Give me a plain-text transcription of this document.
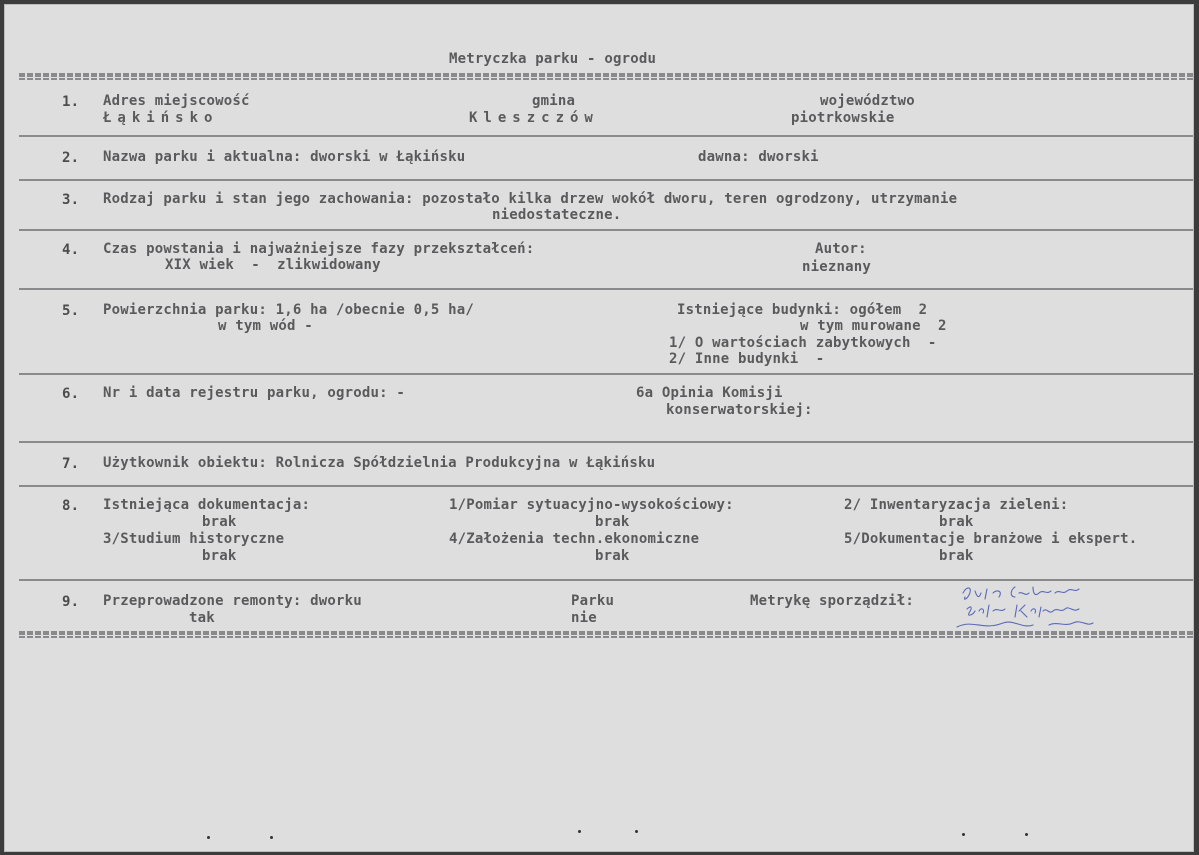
Metryczka parku - ogrodu
1. Adres miejscowość
Łąkińsko
gmina
Kleszczów
województwo
piotrkowskie
2. Nazwa parku i aktualna: dworski w Łąkińsku	dawna: dworski
3. Rodzaj parku i stan jego zachowania: pozostało kilka drzew wokół dworu, teren ogrodzony, utrzymanie
niedostateczne.
4. Czas powstania i najważniejsze fazy przekształceń:
XIX wiek  -  zlikwidowany
Autor:
nieznany
5. Powierzchnia parku: 1,6 ha /obecnie 0,5 ha/
w tym wód -
Istniejące budynki: ogółem  2
w tym murowane  2
1/ O wartościach zabytkowych  -
2/ Inne budynki  -
6. Nr i data rejestru parku, ogrodu: -	6a Opinia Komisji
konserwatorskiej:
7. Użytkownik obiektu: Rolnicza Spółdzielnia Produkcyjna w Łąkińsku
8. Istniejąca dokumentacja:
brak
1/Pomiar sytuacyjno-wysokościowy:
brak
2/ Inwentaryzacja zieleni:
brak
3/Studium historyczne
brak
4/Założenia techn.ekonomiczne
brak
5/Dokumentacje branżowe i ekspert.
brak
9. Przeprowadzone remonty: dworku
tak
Parku
nie
Metrykę sporządził:
